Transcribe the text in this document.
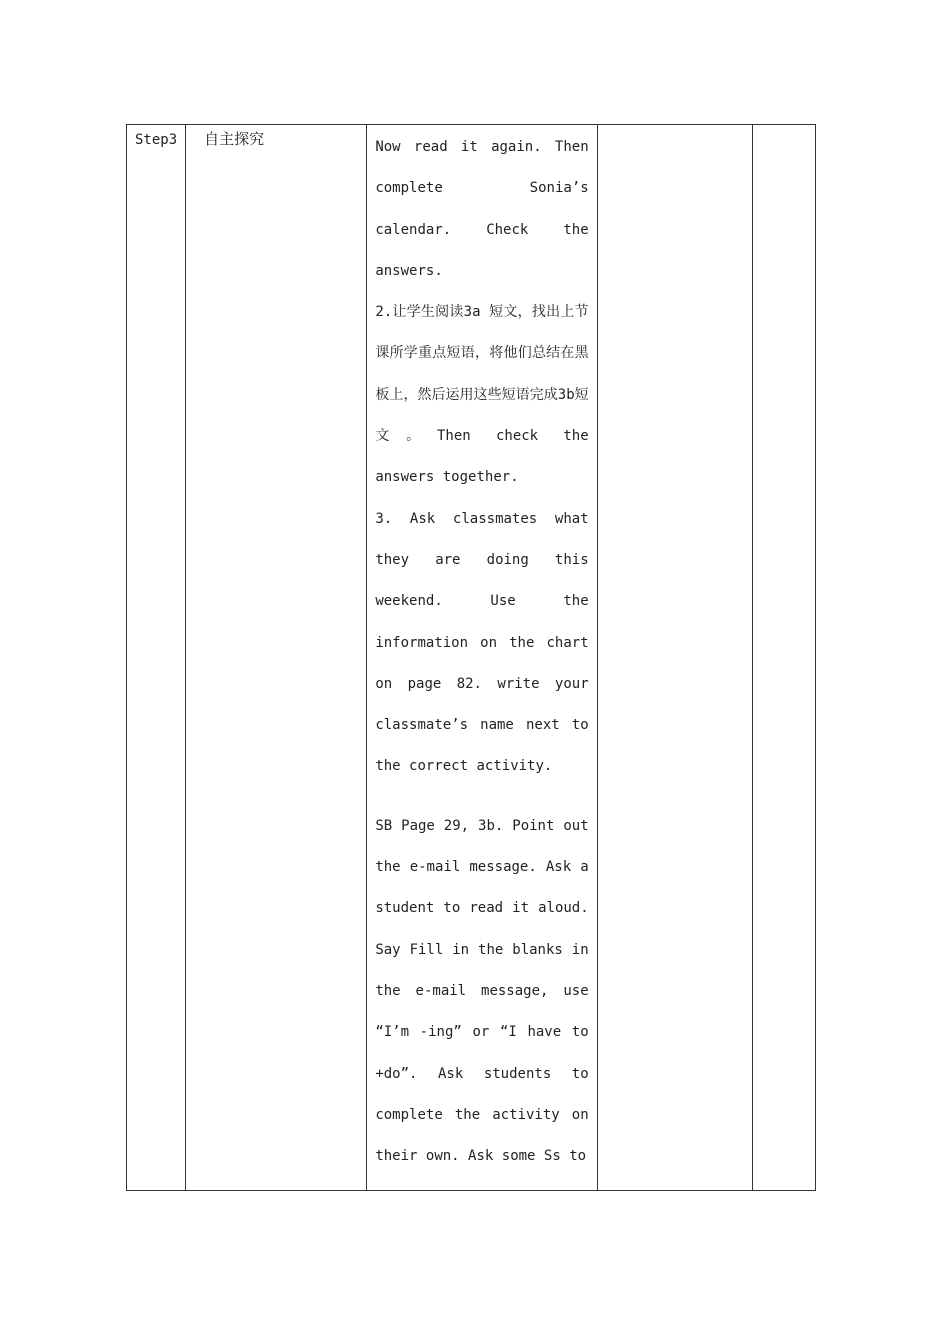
Step3	自主探究	Now read it again. Then complete Sonia’s calendar. Check the answers.

2.让学生阅读3a 短文，找出上节课所学重点短语，将他们总结在黑板上，然后运用这些短语完成3b短文。Then check the answers together.

3. Ask classmates what they are doing this weekend. Use the information on the chart on page 82. write your classmate’s name next to the correct activity.

SB Page 29, 3b. Point out the e-mail message. Ask a student to read it aloud. Say Fill in the blanks in the e-mail message, use “I’m -ing” or “I have to +do”. Ask students to complete the activity on their own. Ask some Ss to
